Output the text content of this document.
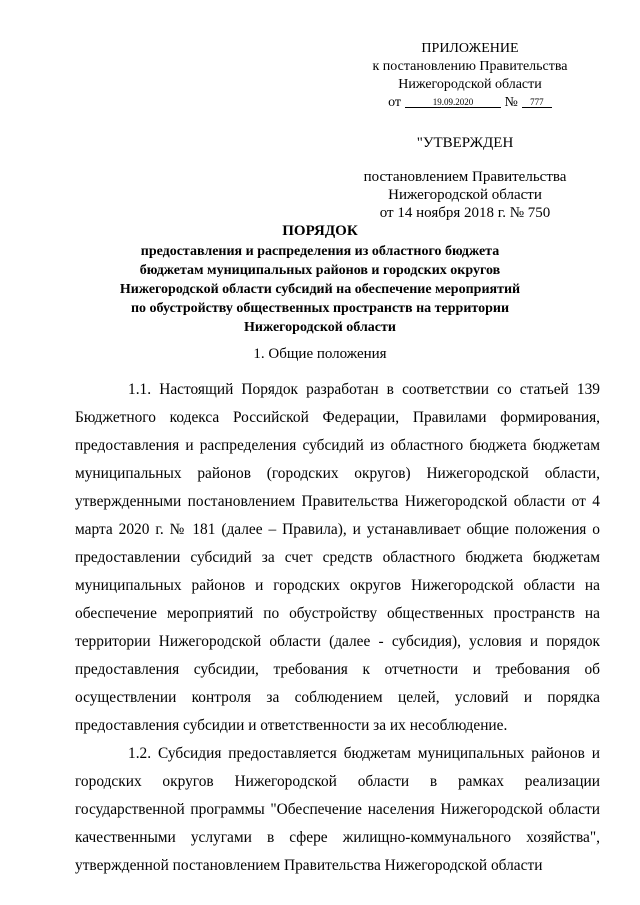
ПРИЛОЖЕНИЕ
к постановлению Правительства
Нижегородской области
от	19.09.2020 № 777
"УТВЕРЖДЕН
постановлением Правительства
Нижегородской области
от 14 ноября 2018 г. № 750
ПОРЯДОК
предоставления и распределения из областного бюджета
бюджетам муниципальных районов и городских округов
Нижегородской области субсидий на обеспечение мероприятий
по обустройству общественных пространств на территории
Нижегородской области
1. Общие положения

1.1. Настоящий Порядок разработан в соответствии со статьей 139 Бюджетного кодекса Российской Федерации, Правилами формирования, предоставления и распределения субсидий из областного бюджета бюджетам муниципальных районов (городских округов) Нижегородской области, утвержденными постановлением Правительства Нижегородской области от 4 марта 2020 г. № 181 (далее – Правила), и устанавливает общие положения о предоставлении субсидий за счет средств областного бюджета бюджетам муниципальных районов и городских округов Нижегородской области на обеспечение мероприятий по обустройству общественных пространств на территории Нижегородской области (далее - субсидия), условия и порядок предоставления субсидии, требования к отчетности и требования об осуществлении контроля за соблюдением целей, условий и порядка предоставления субсидии и ответственности за их несоблюдение.

1.2. Субсидия предоставляется бюджетам муниципальных районов и городских округов Нижегородской области в рамках реализации государственной программы "Обеспечение населения Нижегородской области качественными услугами в сфере жилищно-коммунального хозяйства", утвержденной постановлением Правительства Нижегородской области
